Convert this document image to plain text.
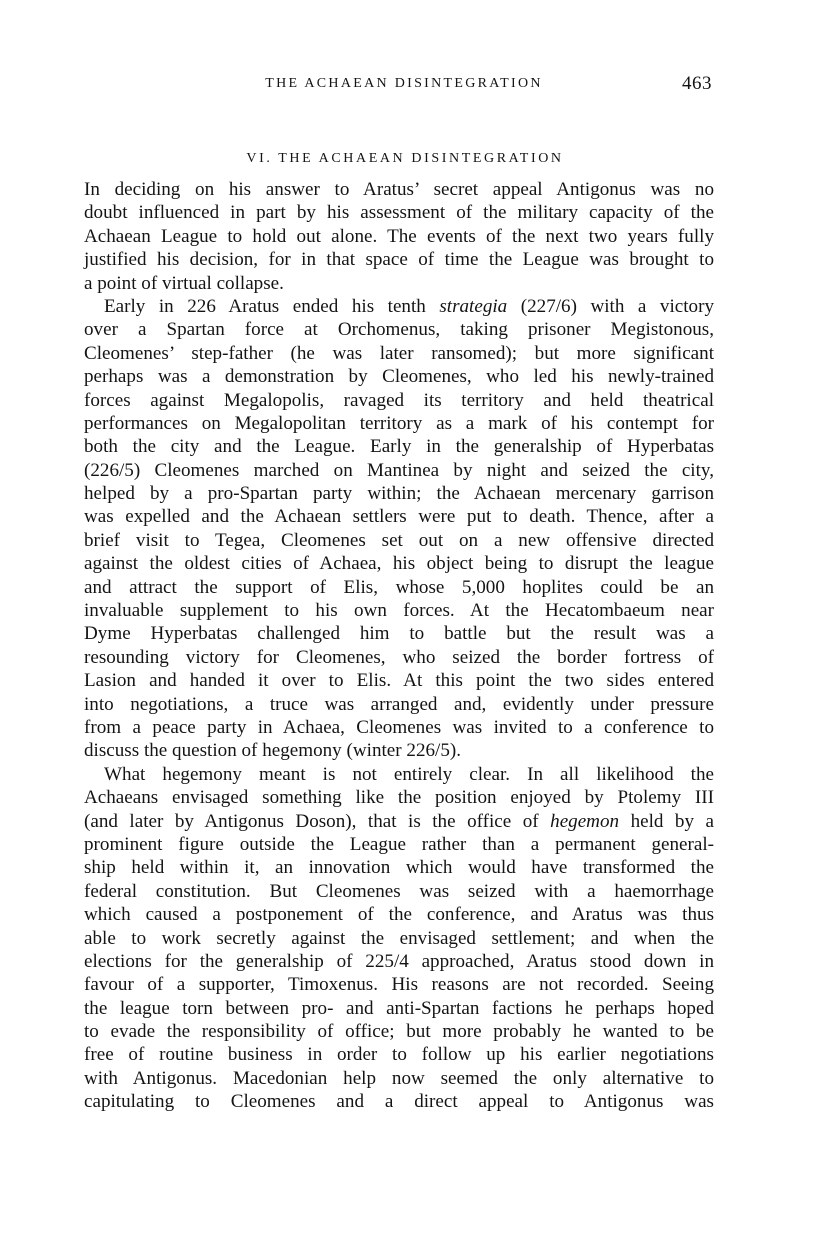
THE ACHAEAN DISINTEGRATION	463
VI. THE ACHAEAN DISINTEGRATION
In deciding on his answer to Aratus’ secret appeal Antigonus was no
doubt influenced in part by his assessment of the military capacity of the
Achaean League to hold out alone. The events of the next two years fully
justified his decision, for in that space of time the League was brought to
a point of virtual collapse.
Early in 226 Aratus ended his tenth strategia (227/6) with a victory
over a Spartan force at Orchomenus, taking prisoner Megistonous,
Cleomenes’ step-father (he was later ransomed); but more significant
perhaps was a demonstration by Cleomenes, who led his newly-trained
forces against Megalopolis, ravaged its territory and held theatrical
performances on Megalopolitan territory as a mark of his contempt for
both the city and the League. Early in the generalship of Hyperbatas
(226/5) Cleomenes marched on Mantinea by night and seized the city,
helped by a pro-Spartan party within; the Achaean mercenary garrison
was expelled and the Achaean settlers were put to death. Thence, after a
brief visit to Tegea, Cleomenes set out on a new offensive directed
against the oldest cities of Achaea, his object being to disrupt the league
and attract the support of Elis, whose 5,000 hoplites could be an
invaluable supplement to his own forces. At the Hecatombaeum near
Dyme Hyperbatas challenged him to battle but the result was a
resounding victory for Cleomenes, who seized the border fortress of
Lasion and handed it over to Elis. At this point the two sides entered
into negotiations, a truce was arranged and, evidently under pressure
from a peace party in Achaea, Cleomenes was invited to a conference to
discuss the question of hegemony (winter 226/5).
What hegemony meant is not entirely clear. In all likelihood the
Achaeans envisaged something like the position enjoyed by Ptolemy III
(and later by Antigonus Doson), that is the office of hegemon held by a
prominent figure outside the League rather than a permanent general-
ship held within it, an innovation which would have transformed the
federal constitution. But Cleomenes was seized with a haemorrhage
which caused a postponement of the conference, and Aratus was thus
able to work secretly against the envisaged settlement; and when the
elections for the generalship of 225/4 approached, Aratus stood down in
favour of a supporter, Timoxenus. His reasons are not recorded. Seeing
the league torn between pro- and anti-Spartan factions he perhaps hoped
to evade the responsibility of office; but more probably he wanted to be
free of routine business in order to follow up his earlier negotiations
with Antigonus. Macedonian help now seemed the only alternative to
capitulating to Cleomenes and a direct appeal to Antigonus was
